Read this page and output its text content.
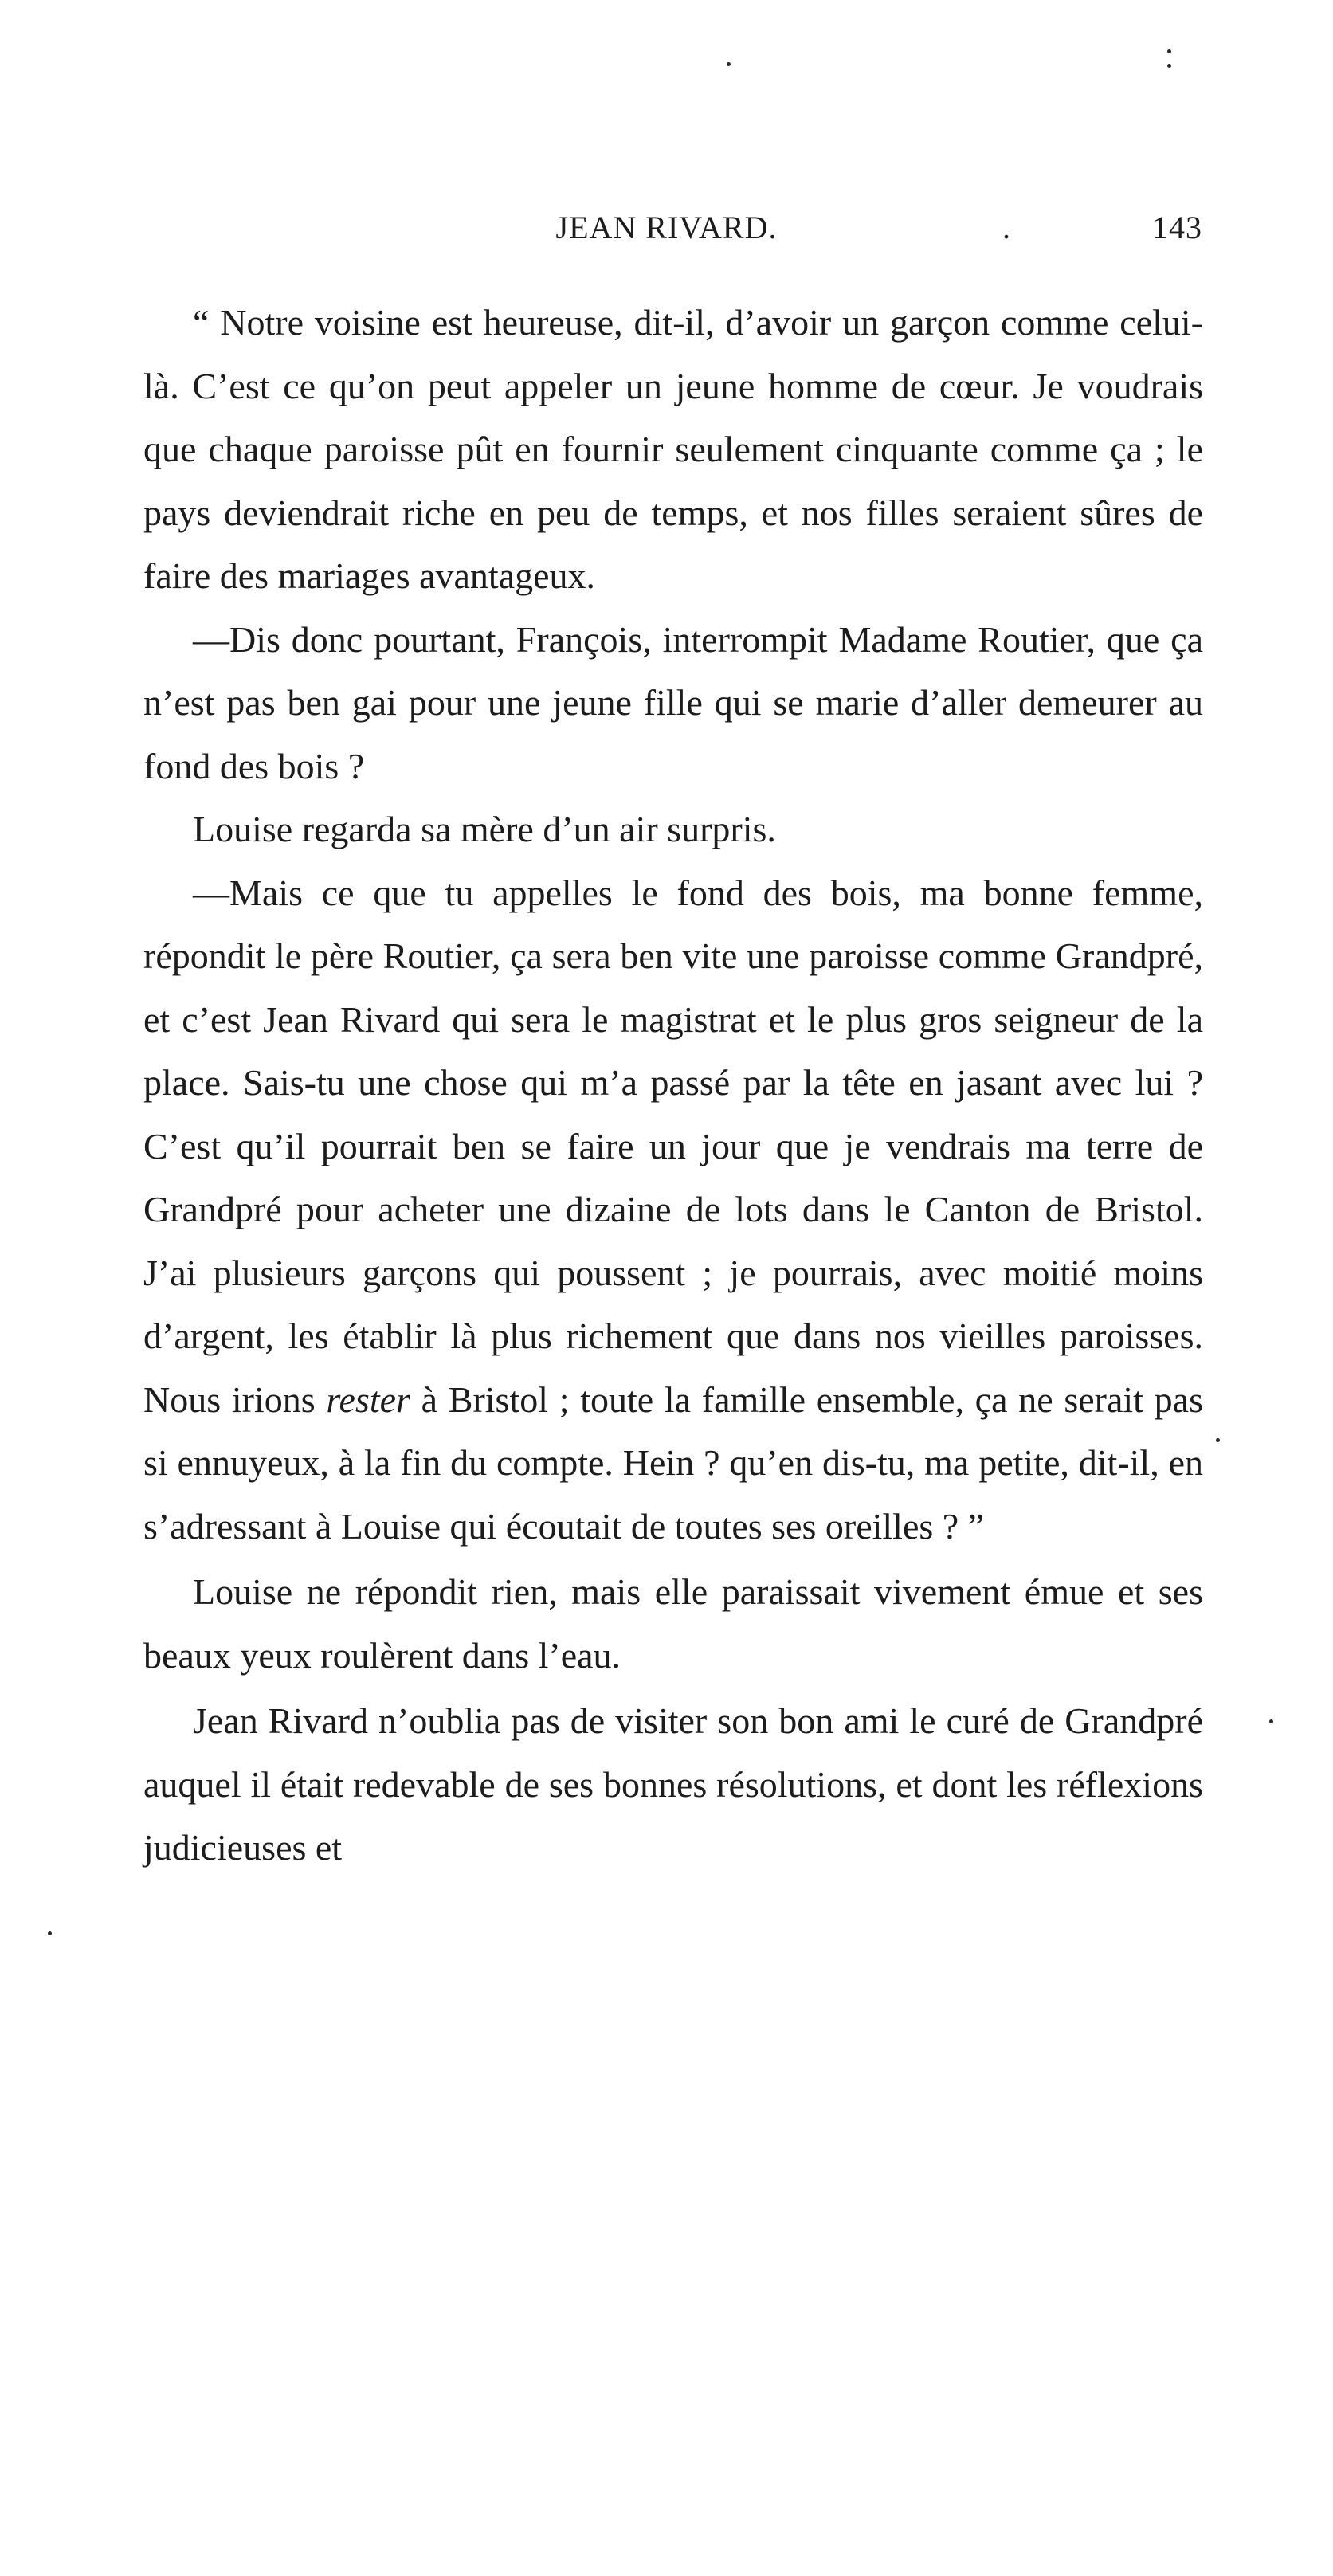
JEAN RIVARD.	.	143

“ Notre voisine est heureuse, dit-il, d’avoir un garçon comme celui-là. C’est ce qu’on peut appeler un jeune homme de cœur. Je voudrais que chaque paroisse pût en fournir seulement cinquante comme ça ; le pays deviendrait riche en peu de temps, et nos filles seraient sûres de faire des mariages avantageux.

—Dis donc pourtant, François, interrompit Madame Routier, que ça n’est pas ben gai pour une jeune fille qui se marie d’aller demeurer au fond des bois ?

Louise regarda sa mère d’un air surpris.

—Mais ce que tu appelles le fond des bois, ma bonne femme, répondit le père Routier, ça sera ben vite une paroisse comme Grandpré, et c’est Jean Rivard qui sera le magistrat et le plus gros seigneur de la place. Sais-tu une chose qui m’a passé par la tête en jasant avec lui ? C’est qu’il pourrait ben se faire un jour que je vendrais ma terre de Grandpré pour acheter une dizaine de lots dans le Canton de Bristol. J’ai plusieurs garçons qui poussent ; je pourrais, avec moitié moins d’argent, les établir là plus richement que dans nos vieilles paroisses. Nous irions rester à Bristol ; toute la famille ensemble, ça ne serait pas si ennuyeux, à la fin du compte. Hein ? qu’en dis-tu, ma petite, dit-il, en s’adressant à Louise qui écoutait de toutes ses oreilles ? ”

Louise ne répondit rien, mais elle paraissait vivement émue et ses beaux yeux roulèrent dans l’eau.

Jean Rivard n’oublia pas de visiter son bon ami le curé de Grandpré auquel il était redevable de ses bonnes résolutions, et dont les réflexions judicieuses et
